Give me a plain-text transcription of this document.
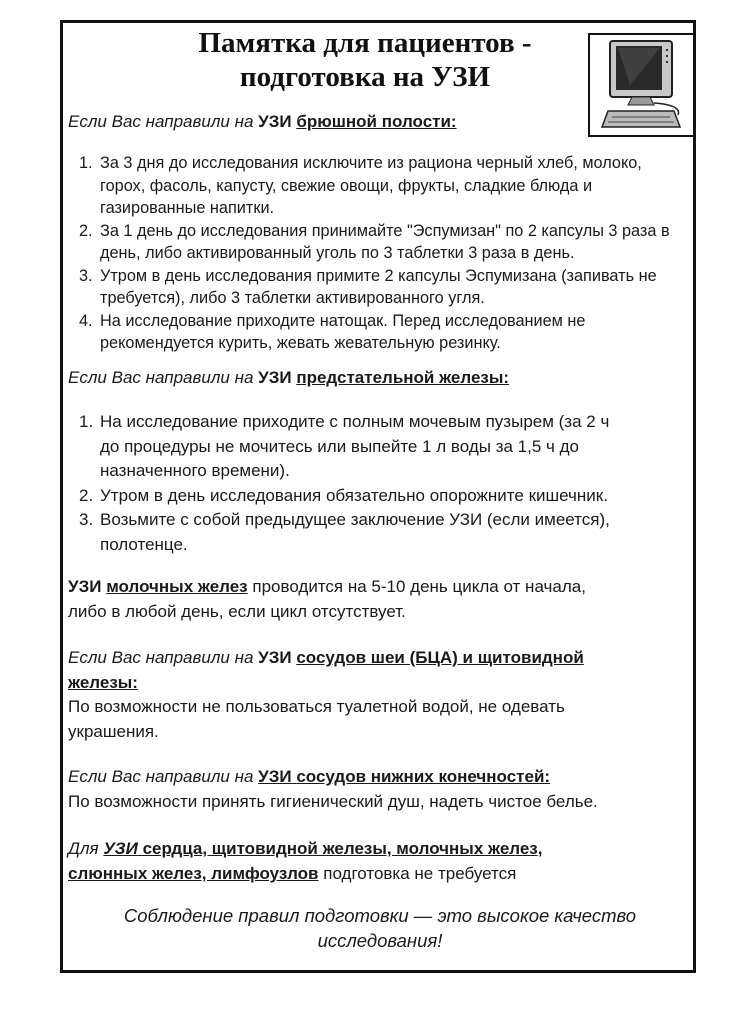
Памятка для пациентов -
подготовка на УЗИ
Если Вас направили на УЗИ брюшной полости:
1. За 3 дня до исследования исключите из рациона черный хлеб, молоко,
горох, фасоль, капусту, свежие овощи, фрукты, сладкие блюда и
газированные напитки.
2. За 1 день до исследования принимайте "Эспумизан" по 2 капсулы 3 раза в
день, либо активированный уголь по 3 таблетки 3 раза в день.
3. Утром в день исследования примите 2 капсулы Эспумизана (запивать не
требуется), либо 3 таблетки активированного угля.
4. На исследование приходите натощак. Перед исследованием не
рекомендуется курить, жевать жевательную резинку.
Если Вас направили на УЗИ предстательной железы:
1. На исследование приходите с полным мочевым пузырем (за 2 ч
до процедуры не мочитесь или выпейте 1 л воды за 1,5 ч до
назначенного времени).
2. Утром в день исследования обязательно опорожните кишечник.
3. Возьмите с собой предыдущее заключение УЗИ (если имеется),
полотенце.
УЗИ молочных желез проводится на 5-10 день цикла от начала,
либо в любой день, если цикл отсутствует.
Если Вас направили на УЗИ сосудов шеи (БЦА) и щитовидной
железы:
По возможности не пользоваться туалетной водой, не одевать
украшения.
Если Вас направили на УЗИ сосудов нижних конечностей:
По возможности принять гигиенический душ, надеть чистое белье.
Для УЗИ сердца, щитовидной железы, молочных желез,
слюнных желез, лимфоузлов подготовка не требуется
Соблюдение правил подготовки — это высокое качество
исследования!
